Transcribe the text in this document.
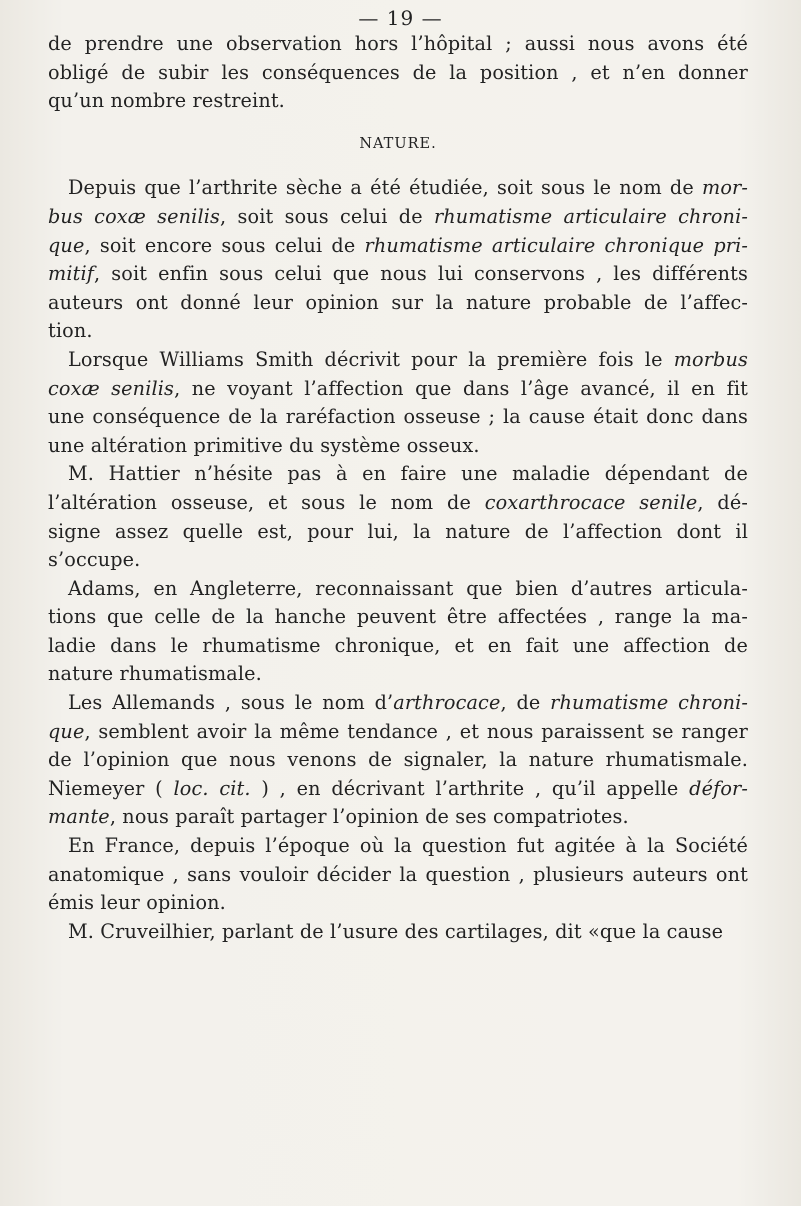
— 19 —
de prendre une observation hors l’hôpital ; aussi nous avons été
obligé de subir les conséquences de la position , et n’en donner
qu’un nombre restreint.
NATURE.
Depuis que l’arthrite sèche a été étudiée, soit sous le nom de mor-
bus coxæ senilis, soit sous celui de rhumatisme articulaire chroni-
que, soit encore sous celui de rhumatisme articulaire chronique pri-
mitif, soit enfin sous celui que nous lui conservons , les différents
auteurs ont donné leur opinion sur la nature probable de l’affec-
tion.
Lorsque Williams Smith décrivit pour la première fois le morbus
coxæ senilis, ne voyant l’affection que dans l’âge avancé, il en fit
une conséquence de la raréfaction osseuse ; la cause était donc dans
une altération primitive du système osseux.
M. Hattier n’hésite pas à en faire une maladie dépendant de
l’altération osseuse, et sous le nom de coxarthrocace senile, dé-
signe assez quelle est, pour lui, la nature de l’affection dont il
s’occupe.
Adams, en Angleterre, reconnaissant que bien d’autres articula-
tions que celle de la hanche peuvent être affectées , range la ma-
ladie dans le rhumatisme chronique, et en fait une affection de
nature rhumatismale.
Les Allemands , sous le nom d’arthrocace, de rhumatisme chroni-
que, semblent avoir la même tendance , et nous paraissent se ranger
de l’opinion que nous venons de signaler, la nature rhumatismale.
Niemeyer ( loc. cit. ) , en décrivant l’arthrite , qu’il appelle défor-
mante, nous paraît partager l’opinion de ses compatriotes.
En France, depuis l’époque où la question fut agitée à la Société
anatomique , sans vouloir décider la question , plusieurs auteurs ont
émis leur opinion.
M. Cruveilhier, parlant de l’usure des cartilages, dit «que la cause
